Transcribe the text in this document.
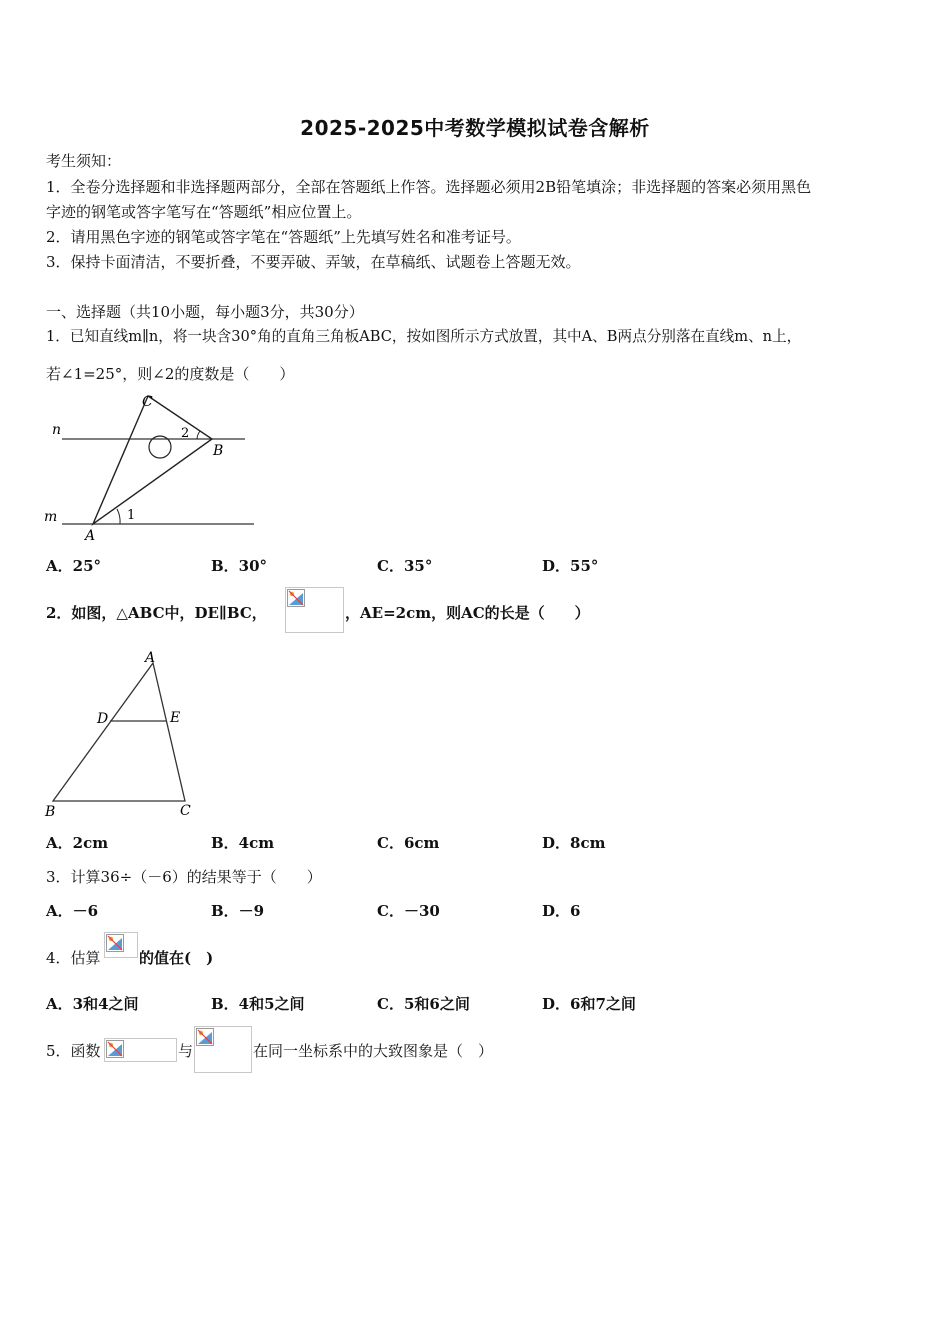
2025-2025中考数学模拟试卷含解析
考生须知：
1．全卷分选择题和非选择题两部分，全部在答题纸上作答。选择题必须用2B铅笔填涂；非选择题的答案必须用黑色
字迹的钢笔或答字笔写在“答题纸”相应位置上。
2．请用黑色字迹的钢笔或答字笔在“答题纸”上先填写姓名和准考证号。
3．保持卡面清洁，不要折叠，不要弄破、弄皱，在草稿纸、试题卷上答题无效。
一、选择题（共10小题，每小题3分，共30分）
1．已知直线m∥n，将一块含30°角的直角三角板ABC，按如图所示方式放置，其中A、B两点分别落在直线m、n上，
若∠1=25°，则∠2的度数是（　　）
n
m
C
B
A
1
2
A．25°	B．30°	C．35°	D．55°
2．如图，△ABC中，DE∥BC，	，AE=2cm，则AC的长是（　　）
A
D	E
B	C
A．2cm	B．4cm	C．6cm	D．8cm
3．计算36÷（－6）的结果等于（　　）
A．－6	B．－9	C．－30	D．6
4．估算	的值在(　)
A．3和4之间	B．4和5之间	C．5和6之间	D．6和7之间
5．函数	与	在同一坐标系中的大致图象是（　）
